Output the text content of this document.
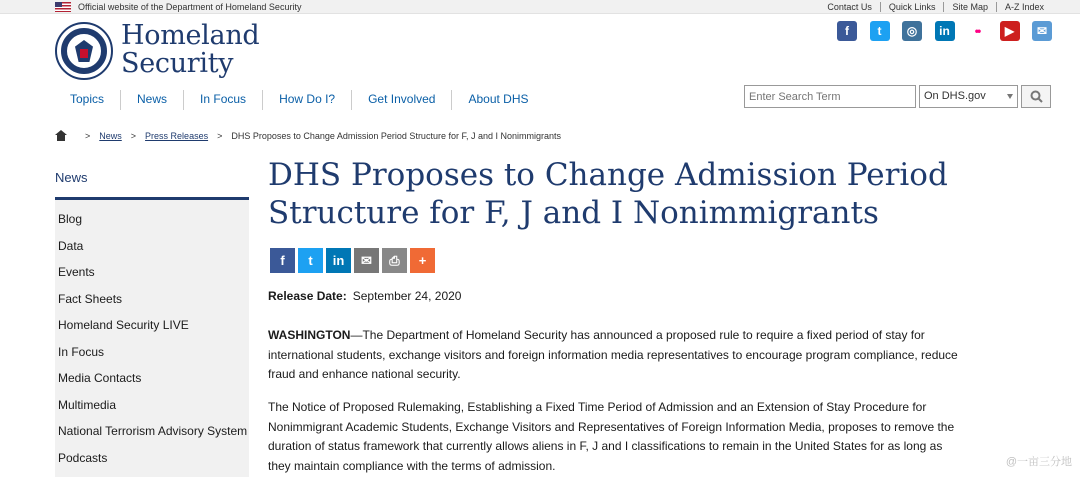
Official website of the Department of Homeland Security	Contact Us	Quick Links	Site Map	A-Z Index
Homeland
Security
f	t	◎	in	••	▶	✉
Topics	News	In Focus	How Do I?	Get Involved	About DHS
Enter Search Term	On DHS.gov
> News > Press Releases > DHS Proposes to Change Admission Period Structure for F, J and I Nonimmigrants
News
Blog
Data
Events
Fact Sheets
Homeland Security LIVE
In Focus
Media Contacts
Multimedia
National Terrorism Advisory System
Podcasts
DHS Proposes to Change Admission Period Structure for F, J and I Nonimmigrants
f	t	in	✉	⎙	+
Release Date: September 24, 2020
WASHINGTON—The Department of Homeland Security has announced a proposed rule to require a fixed period of stay for international students, exchange visitors and foreign information media representatives to encourage program compliance, reduce fraud and enhance national security.
The Notice of Proposed Rulemaking, Establishing a Fixed Time Period of Admission and an Extension of Stay Procedure for Nonimmigrant Academic Students, Exchange Visitors and Representatives of Foreign Information Media, proposes to remove the duration of status framework that currently allows aliens in F, J and I classifications to remain in the United States for as long as they maintain compliance with the terms of admission.	@一亩三分地
